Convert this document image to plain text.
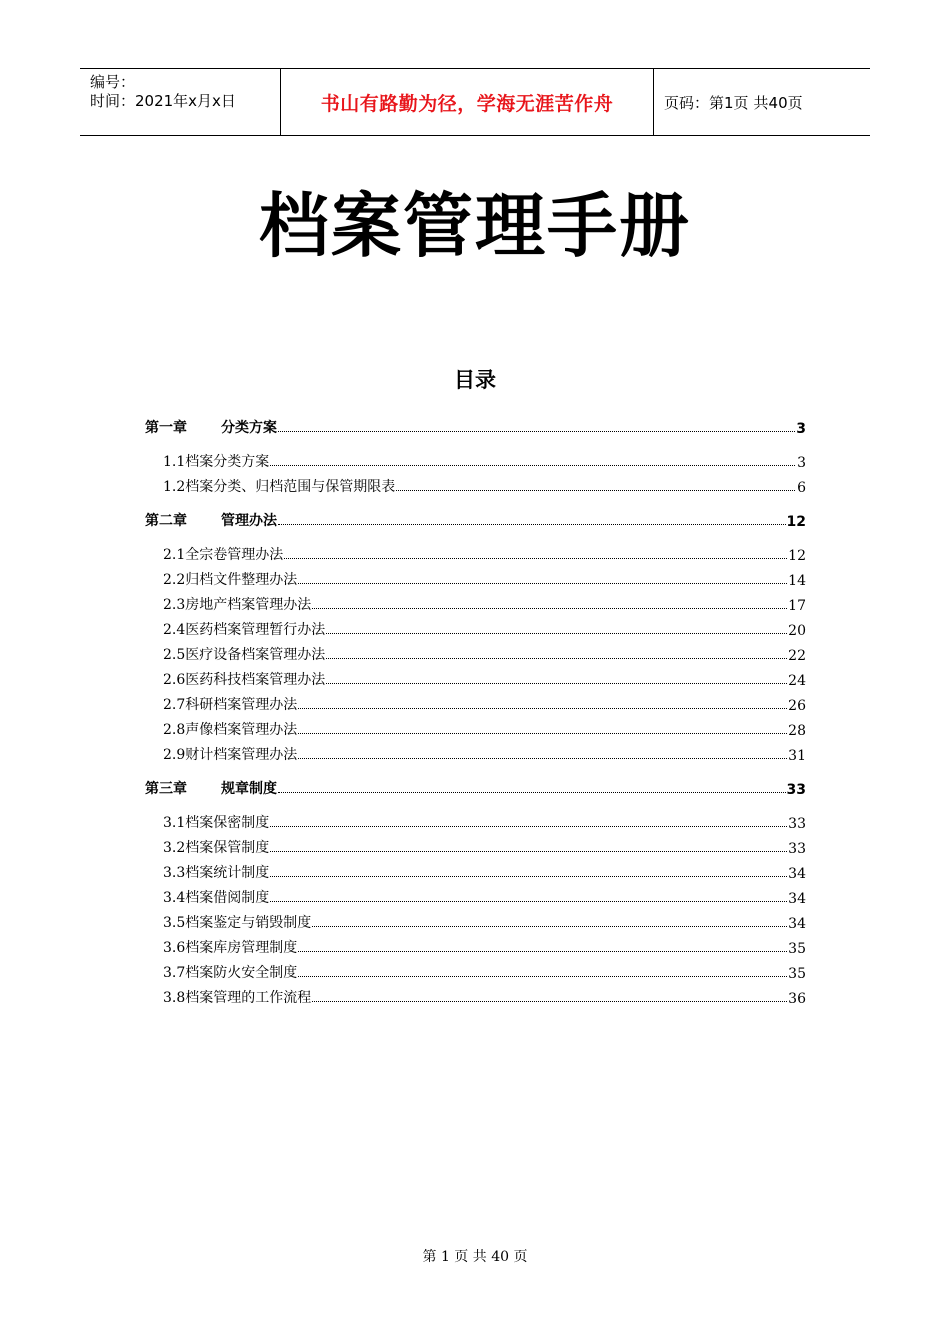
编号：
时间：2021年x月x日	书山有路勤为径，学海无涯苦作舟	页码：第1页 共40页
档案管理手册
目录
第一章	分类方案	3
1.1档案分类方案	3
1.2档案分类、归档范围与保管期限表	6
第二章	管理办法	12
2.1全宗卷管理办法	12
2.2归档文件整理办法	14
2.3房地产档案管理办法	17
2.4医药档案管理暂行办法	20
2.5医疗设备档案管理办法	22
2.6医药科技档案管理办法	24
2.7科研档案管理办法	26
2.8声像档案管理办法	28
2.9财计档案管理办法	31
第三章	规章制度	33
3.1档案保密制度	33
3.2档案保管制度	33
3.3档案统计制度	34
3.4档案借阅制度	34
3.5档案鉴定与销毁制度	34
3.6档案库房管理制度	35
3.7档案防火安全制度	35
3.8档案管理的工作流程	36
第 1 页 共 40 页
